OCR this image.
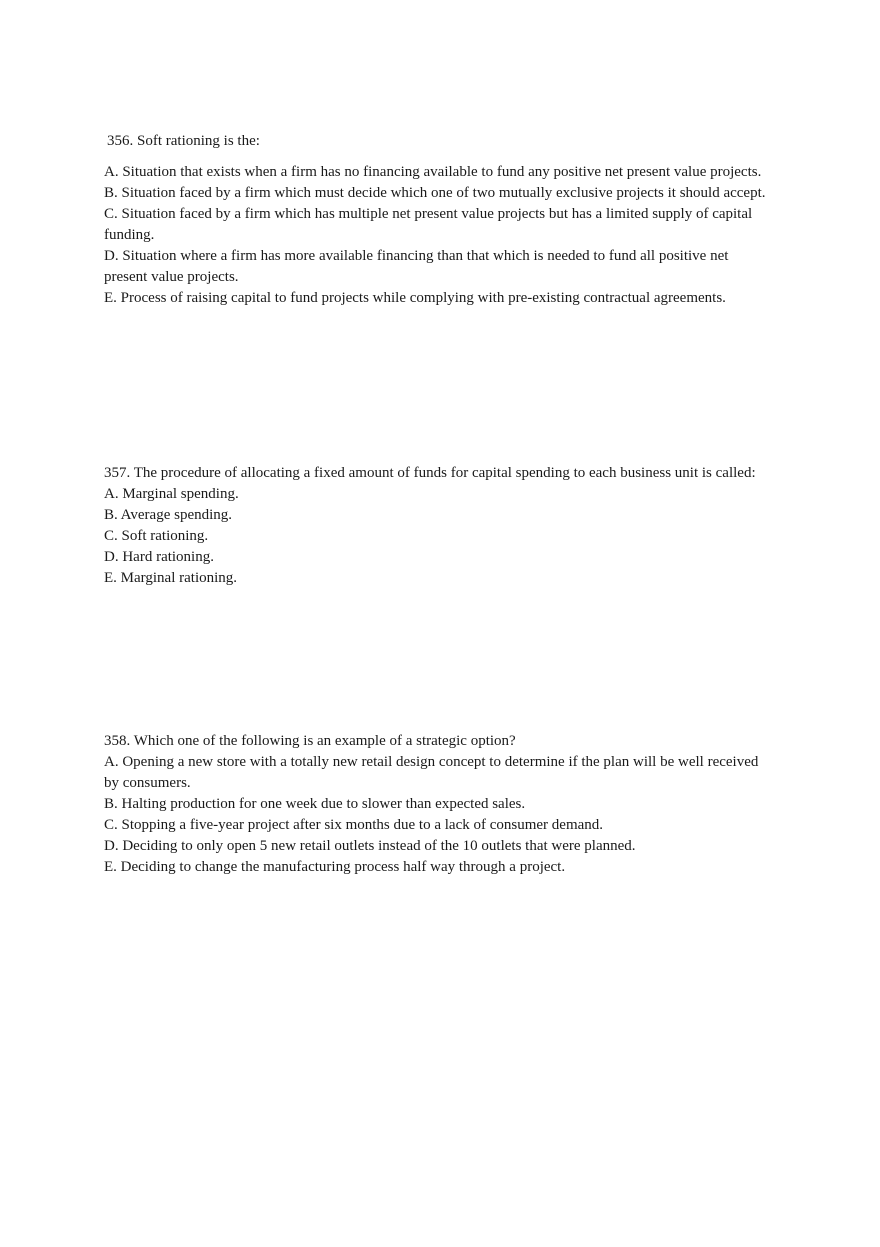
356. Soft rationing is the:

A. Situation that exists when a firm has no financing available to fund any positive net present value projects.

B. Situation faced by a firm which must decide which one of two mutually exclusive projects it should accept.

C. Situation faced by a firm which has multiple net present value projects but has a limited supply of capital funding.

D. Situation where a firm has more available financing than that which is needed to fund all positive net present value projects.

E. Process of raising capital to fund projects while complying with pre-existing contractual agreements.

357. The procedure of allocating a fixed amount of funds for capital spending to each business unit is called:

A. Marginal spending.

B. Average spending.

C. Soft rationing.

D. Hard rationing.

E. Marginal rationing.

358. Which one of the following is an example of a strategic option?

A. Opening a new store with a totally new retail design concept to determine if the plan will be well received by consumers.

B. Halting production for one week due to slower than expected sales.

C. Stopping a five-year project after six months due to a lack of consumer demand.

D. Deciding to only open 5 new retail outlets instead of the 10 outlets that were planned.

E. Deciding to change the manufacturing process half way through a project.
